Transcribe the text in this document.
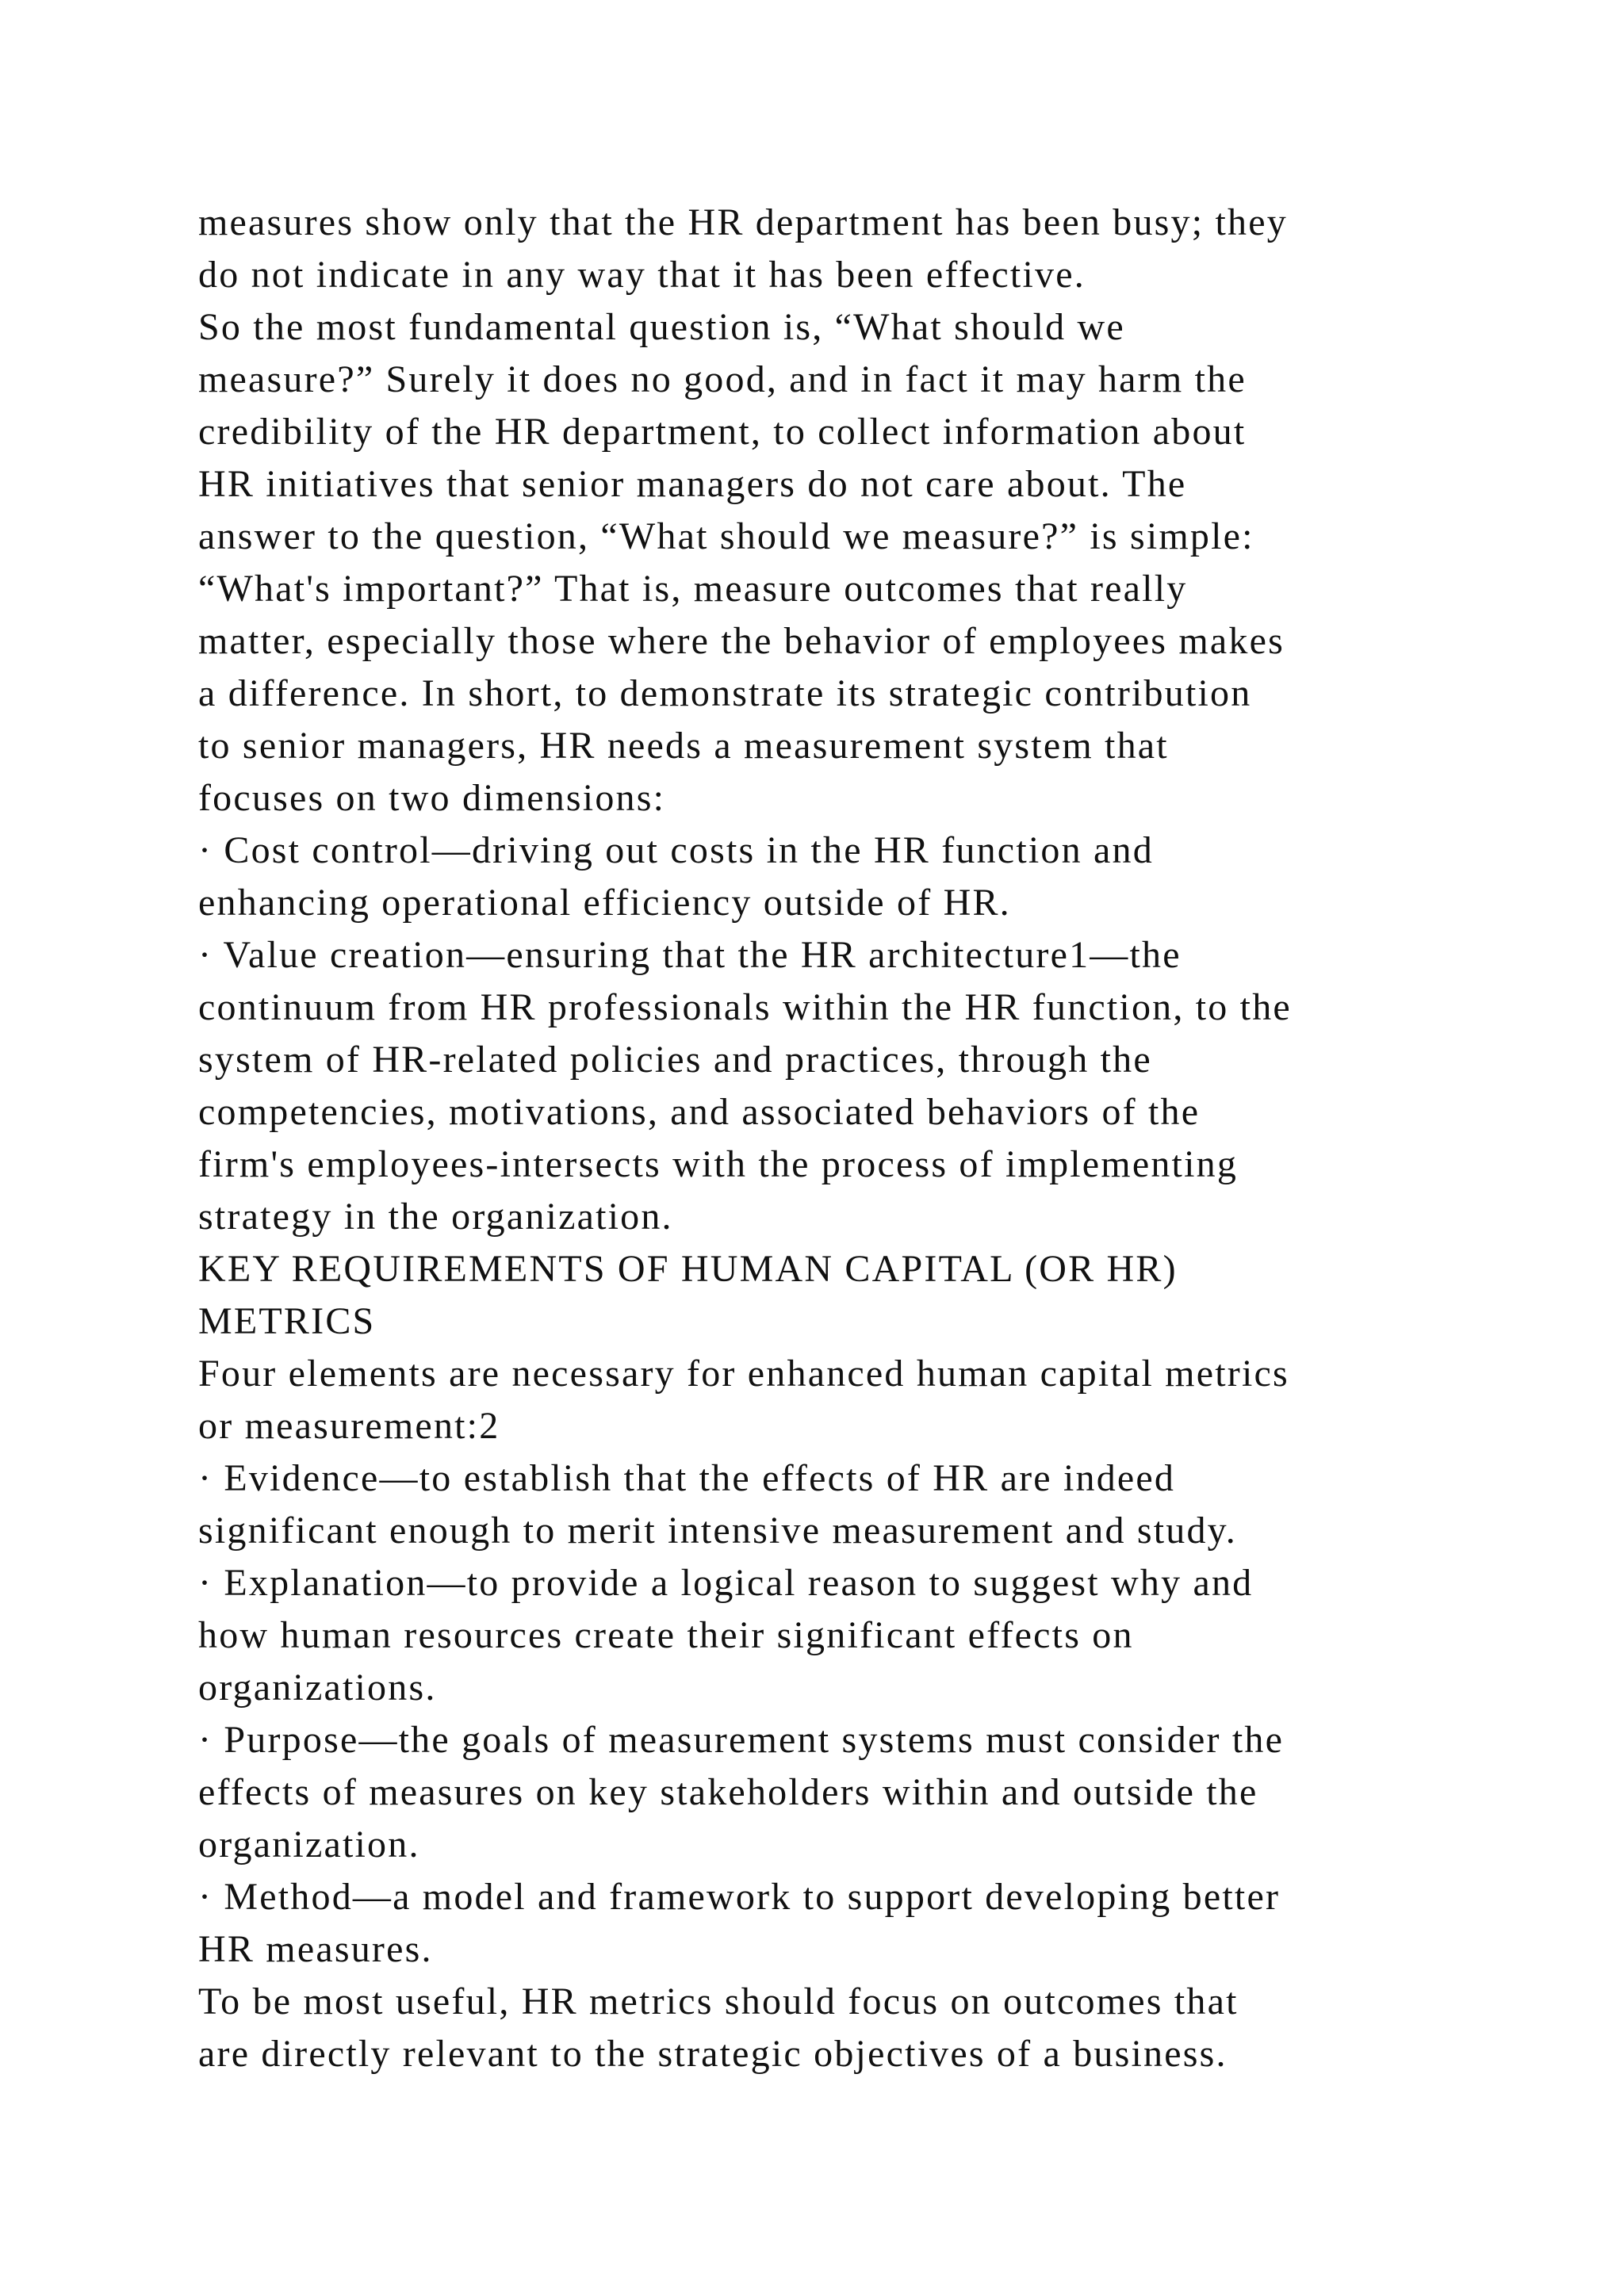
measures show only that the HR department has been busy; they
do not indicate in any way that it has been effective.
So the most fundamental question is, “What should we
measure?” Surely it does no good, and in fact it may harm the
credibility of the HR department, to collect information about
HR initiatives that senior managers do not care about. The
answer to the question, “What should we measure?” is simple:
“What's important?” That is, measure outcomes that really
matter, especially those where the behavior of employees makes
a difference. In short, to demonstrate its strategic contribution
to senior managers, HR needs a measurement system that
focuses on two dimensions:
· Cost control—driving out costs in the HR function and
enhancing operational efficiency outside of HR.
· Value creation—ensuring that the HR architecture1—the
continuum from HR professionals within the HR function, to the
system of HR-related policies and practices, through the
competencies, motivations, and associated behaviors of the
firm's employees-intersects with the process of implementing
strategy in the organization.
KEY REQUIREMENTS OF HUMAN CAPITAL (OR HR)
METRICS
Four elements are necessary for enhanced human capital metrics
or measurement:2
· Evidence—to establish that the effects of HR are indeed
significant enough to merit intensive measurement and study.
· Explanation—to provide a logical reason to suggest why and
how human resources create their significant effects on
organizations.
· Purpose—the goals of measurement systems must consider the
effects of measures on key stakeholders within and outside the
organization.
· Method—a model and framework to support developing better
HR measures.
To be most useful, HR metrics should focus on outcomes that
are directly relevant to the strategic objectives of a business.
